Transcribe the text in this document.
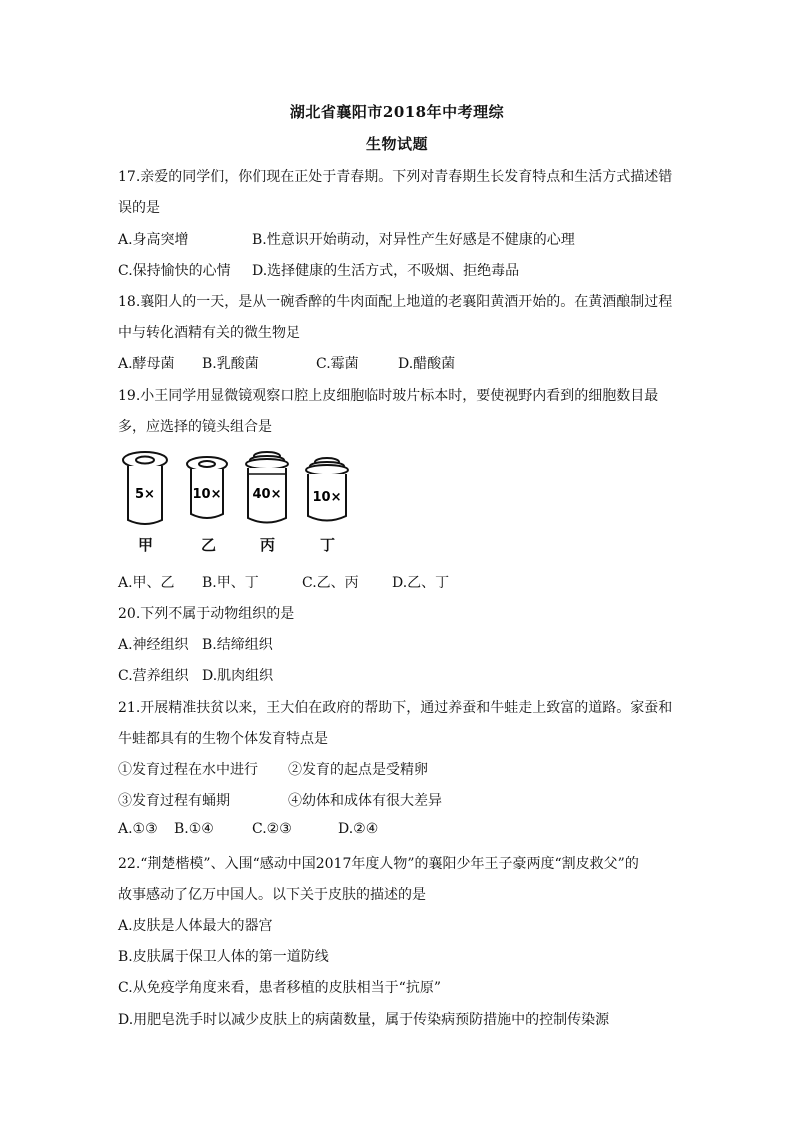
湖北省襄阳市2018年中考理综
生物试题
17.亲爱的同学们，你们现在正处于青春期。下列对青春期生长发育特点和生活方式描述错
误的是
A.身高突增	B.性意识开始萌动，对异性产生好感是不健康的心理
C.保持愉快的心情 D.选择健康的生活方式，不吸烟、拒绝毒品
18.襄阳人的一天，是从一碗香醉的牛肉面配上地道的老襄阳黄酒开始的。在黄酒酿制过程
中与转化酒精有关的微生物足
A.酵母菌 B.乳酸菌	C.霉菌	D.醋酸菌
19.小王同学用显微镜观察口腔上皮细胞临时玻片标本时，要使视野内看到的细胞数目最
多，应选择的镜头组合是
5×	10× 40× 10×
甲	乙	丙	丁
A.甲、乙 B.甲、丁	C.乙、丙 D.乙、丁
20.下列不属于动物组织的是
A.神经组织 B.结缔组织
C.营养组织 D.肌肉组织
21.开展精准扶贫以来，王大伯在政府的帮助下，通过养蚕和牛蛙走上致富的道路。家蚕和
牛蛙都具有的生物个体发育特点是
①发育过程在水中进行 ②发育的起点是受精卵
③发育过程有蛹期	④幼体和成体有很大差异
A.①③ B.①④	C.②③	D.②④
22.“荆楚楷模”、入围“感动中国2017年度人物”的襄阳少年王子豪两度“割皮救父”的
故事感动了亿万中国人。以下关于皮肤的描述的是
A.皮肤是人体最大的器宫
B.皮肤属于保卫人体的第一道防线
C.从免疫学角度来看，患者移植的皮肤相当于“抗原”
D.用肥皂洗手时以减少皮肤上的病菌数量，属于传染病预防措施中的控制传染源
